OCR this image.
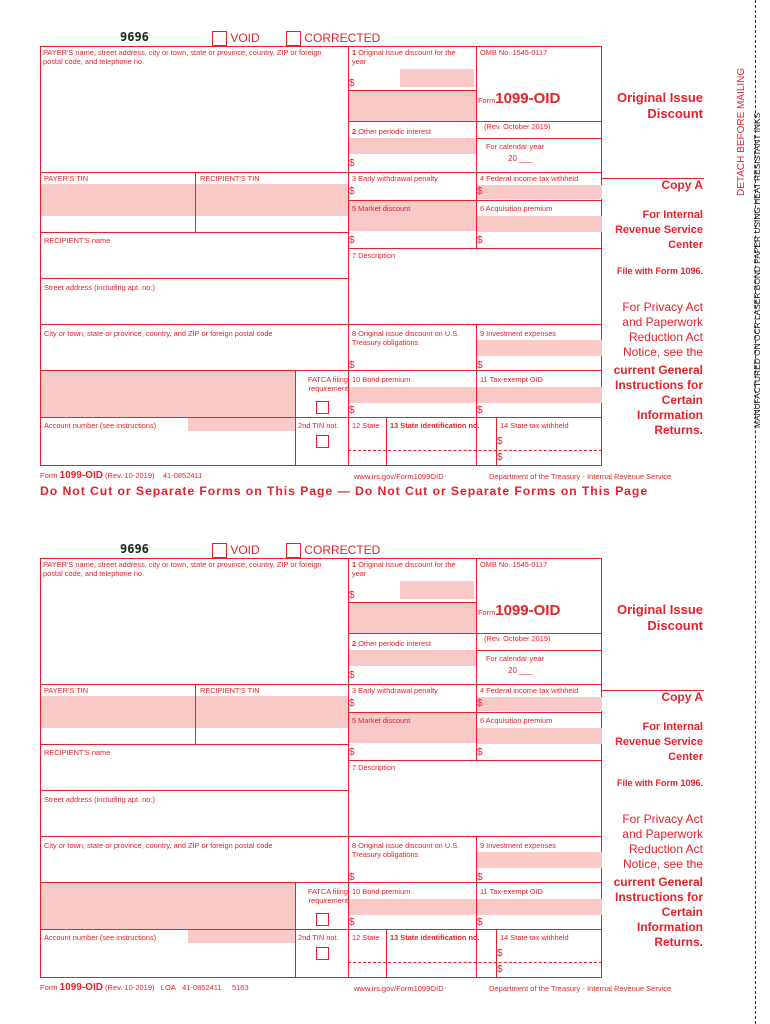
DETACH BEFORE MAILING MANUFACTURED ON OCR LASER BOND PAPER USING HEAT RESISTANT INKS
9696	VOID	CORRECTED
PAYER'S name, street address, city or town, state or province, country, ZIP or foreign postal code, and telephone no.
1 Original issue discount for the year
$
OMB No. 1545-0117
Form1099-OID
(Rev. October 2019)
For calendar year
20 ___
2 Other periodic interest
$
Original Issue Discount
PAYER'S TIN	RECIPIENT'S TIN	3 Early withdrawal penalty
$
4 Federal income tax withheld
$
5 Market discount	6 Acquisition premium
$	$
Copy A
For Internal Revenue Service Center
File with Form 1096.
For Privacy Act and Paperwork Reduction Act Notice, see the
current General Instructions for Certain Information Returns.
RECIPIENT'S name
7 Description
Street address (including apt. no.)
City or town, state or province, country, and ZIP or foreign postal code	8 Original issue discount on U.S. Treasury obligations
9 Investment expenses
$	$
FATCA filing requirement
10 Bond premium	11 Tax-exempt OID
$	$
Account number (see instructions)	2nd TIN not. 12 State 13 State identification no.	14 State tax withheld
$
$
Form 1099-OID (Rev. 10-2019) 41-0852411	www.irs.gov/Form1099OID	Department of the Treasury - Internal Revenue Service
Do Not Cut or Separate Forms on This Page — Do Not Cut or Separate Forms on This Page
9696	VOID	CORRECTED
PAYER'S name, street address, city or town, state or province, country, ZIP or foreign postal code, and telephone no.
1 Original issue discount for the year
$
OMB No. 1545-0117
Form1099-OID
(Rev. October 2019)
For calendar year
20 ___
2 Other periodic interest
$
Original Issue Discount
PAYER'S TIN	RECIPIENT'S TIN	3 Early withdrawal penalty
$
4 Federal income tax withheld
$
5 Market discount	6 Acquisition premium
$	$
Copy A
For Internal Revenue Service Center
File with Form 1096.
For Privacy Act and Paperwork Reduction Act Notice, see the
current General Instructions for Certain Information Returns.
RECIPIENT'S name
7 Description
Street address (including apt. no.)
City or town, state or province, country, and ZIP or foreign postal code	8 Original issue discount on U.S. Treasury obligations
9 Investment expenses
$	$
FATCA filing requirement
10 Bond premium	11 Tax-exempt OID
$	$
Account number (see instructions)	2nd TIN not. 12 State 13 State identification no.	14 State tax withheld
$
$
Form 1099-OID (Rev. 10-2019) LOA 41-0852411 5163	www.irs.gov/Form1099OID	Department of the Treasury - Internal Revenue Service
